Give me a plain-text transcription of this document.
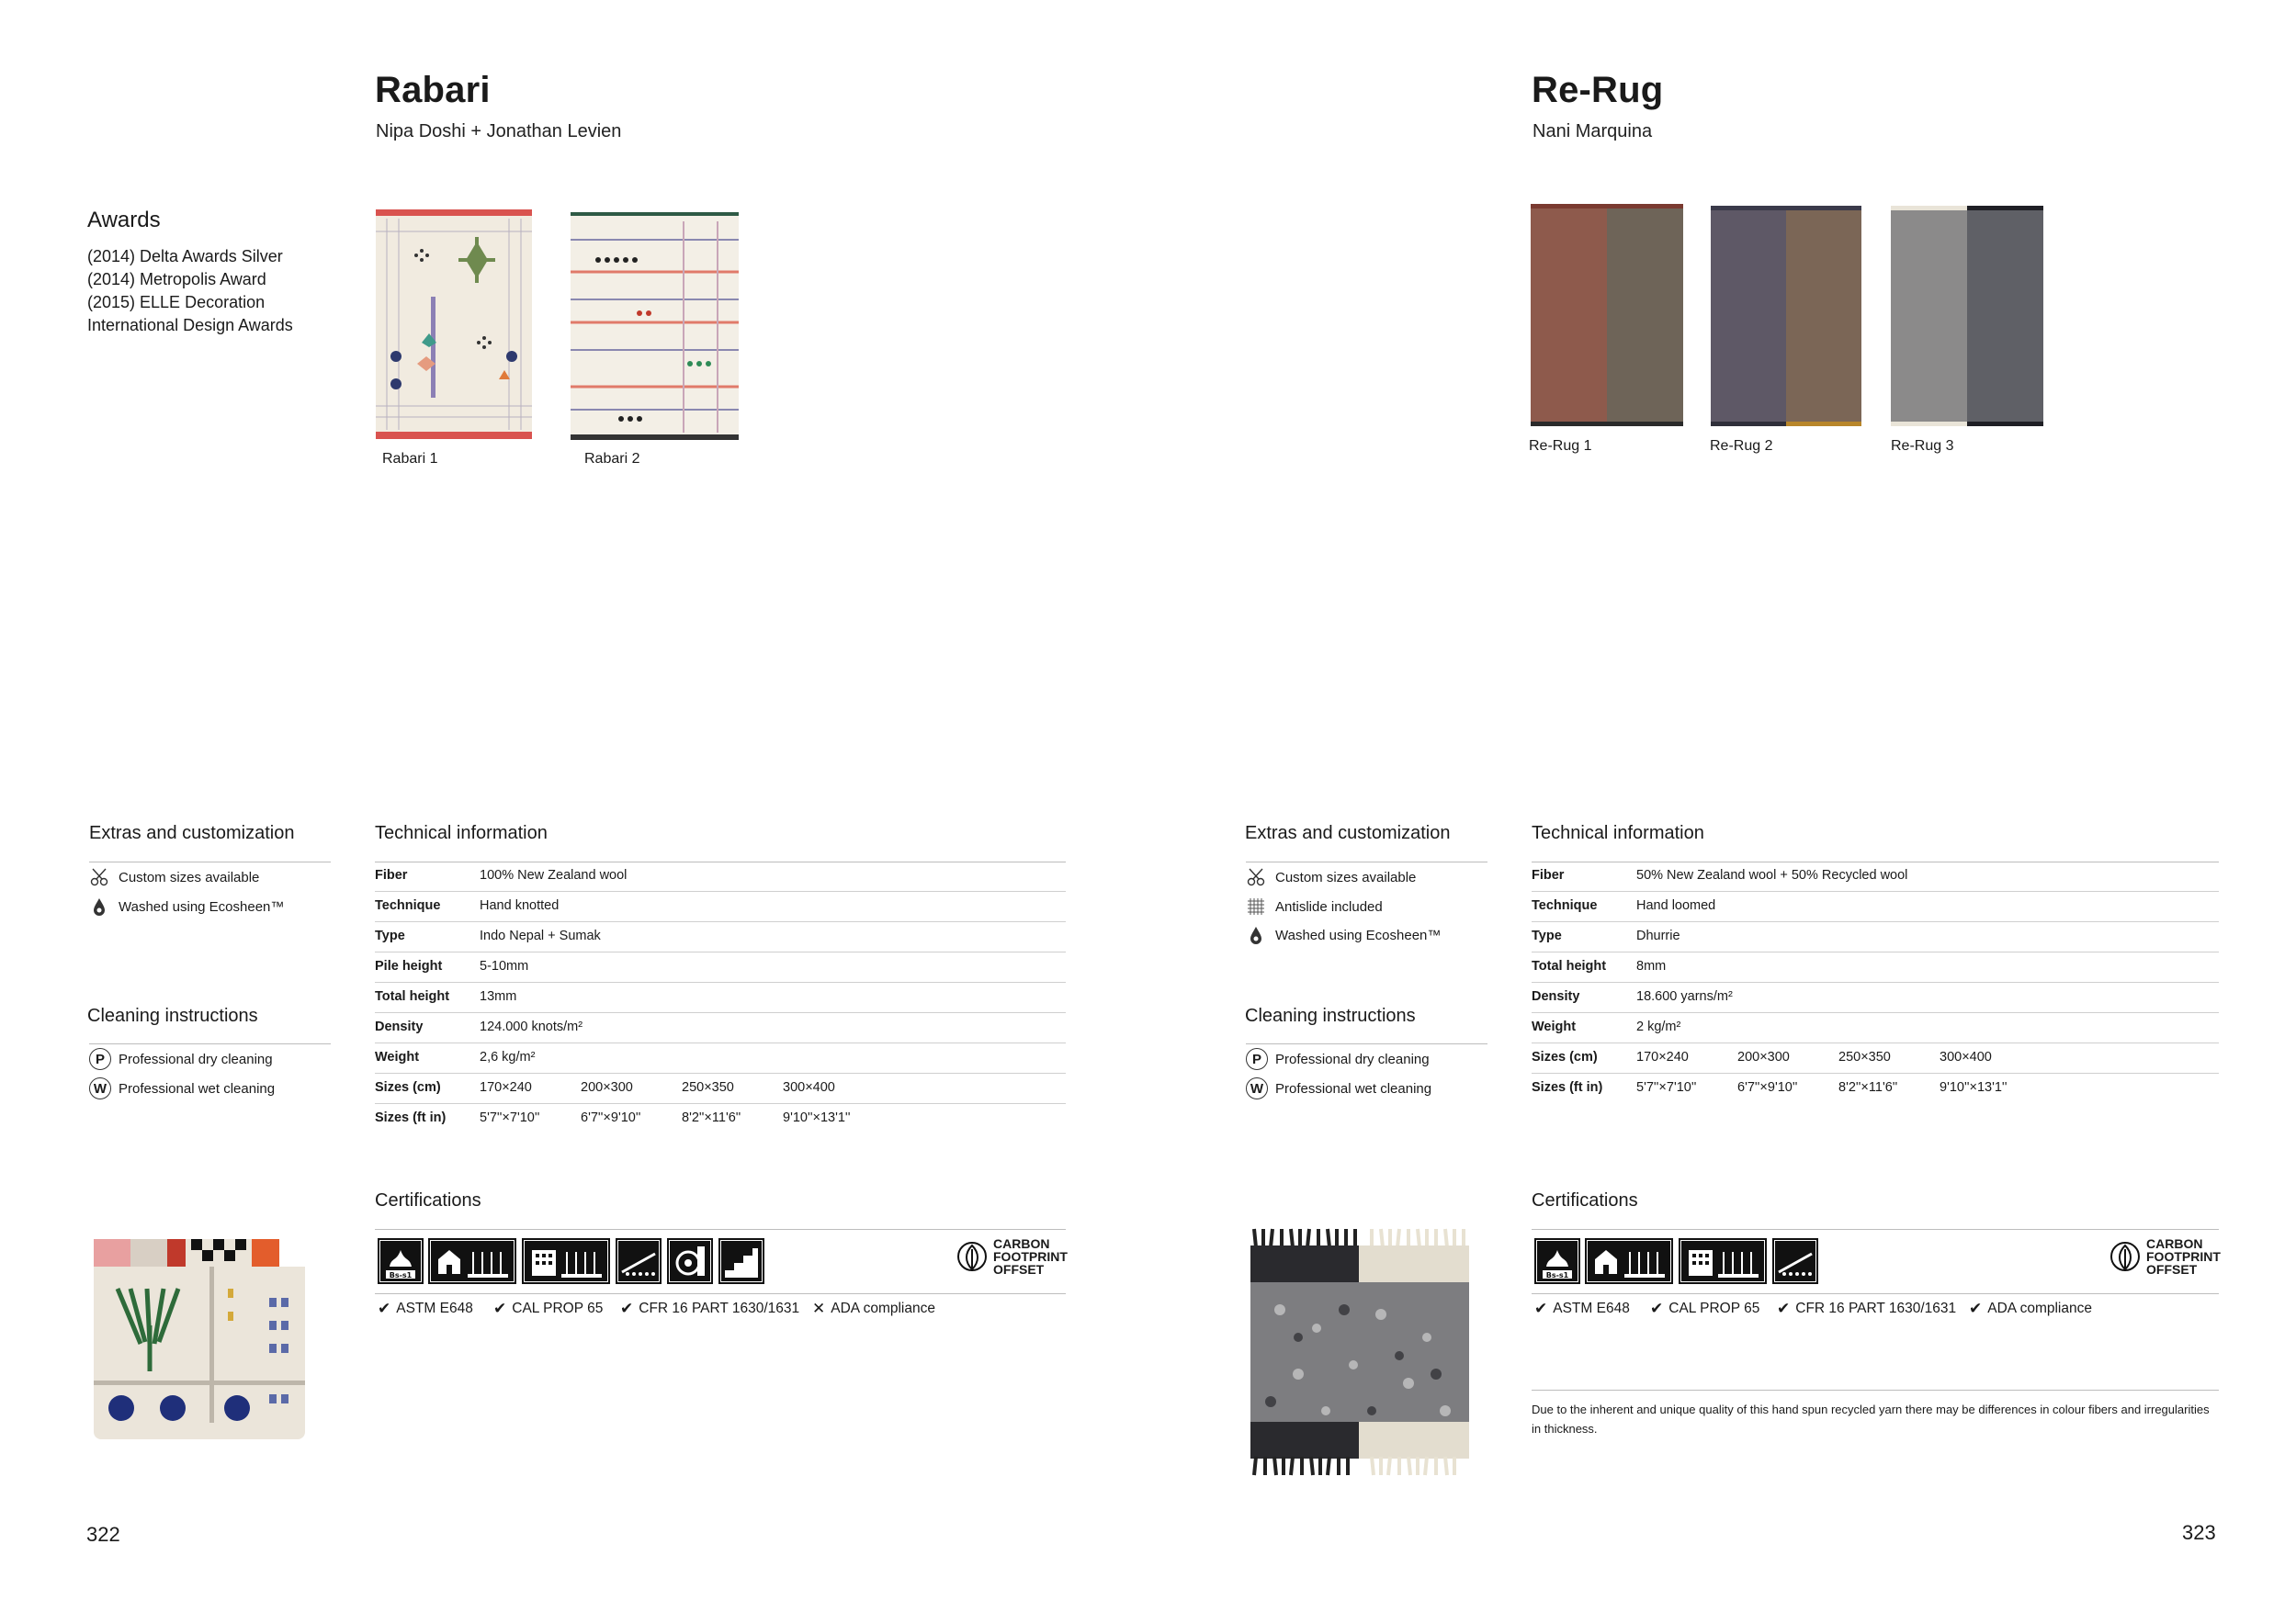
Rabari
Nipa Doshi + Jonathan Levien
Awards
(2014) Delta Awards Silver
(2014) Metropolis Award
(2015) ELLE Decoration
International Design Awards
Rabari 1	Rabari 2
Extras and customization
Custom sizes available
Washed using Ecosheen™
Cleaning instructions
P	Professional dry cleaning
W Professional wet cleaning
Technical information
Fiber	100% New Zealand wool
Technique	Hand knotted
Type	Indo Nepal + Sumak
Pile height	5-10mm
Total height 13mm
Density	124.000 knots/m²
Weight	2,6 kg/m²
Sizes (cm)	170×240	200×300	250×350	300×400
Sizes (ft in)	5'7''×7'10''	6'7''×9'10''	8'2''×11'6''	9'10''×13'1''
Certifications
Bs-s1
CARBON
FOOTPRINT
OFFSET
✔ ASTM E648 ✔ CAL PROP 65 ✔ CFR 16 PART 1630/1631 ✕ ADA compliance
322
Re-Rug
Nani Marquina
Re-Rug 1	Re-Rug 2	Re-Rug 3
Extras and customization
Custom sizes available
Antislide included
Washed using Ecosheen™
Cleaning instructions
P	Professional dry cleaning
W Professional wet cleaning
Technical information
Fiber	50% New Zealand wool + 50% Recycled wool
Technique	Hand loomed
Type	Dhurrie
Total height 8mm
Density	18.600 yarns/m²
Weight	2 kg/m²
Sizes (cm)	170×240	200×300	250×350	300×400
Sizes (ft in)	5'7''×7'10''	6'7''×9'10''	8'2''×11'6''	9'10''×13'1''
Certifications
Bs-s1
CARBON
FOOTPRINT
OFFSET
✔ ASTM E648 ✔ CAL PROP 65 ✔ CFR 16 PART 1630/1631 ✔ ADA compliance
Due to the inherent and unique quality of this hand spun recycled yarn there may be differences in colour fibers and irregularities in thickness.
323
